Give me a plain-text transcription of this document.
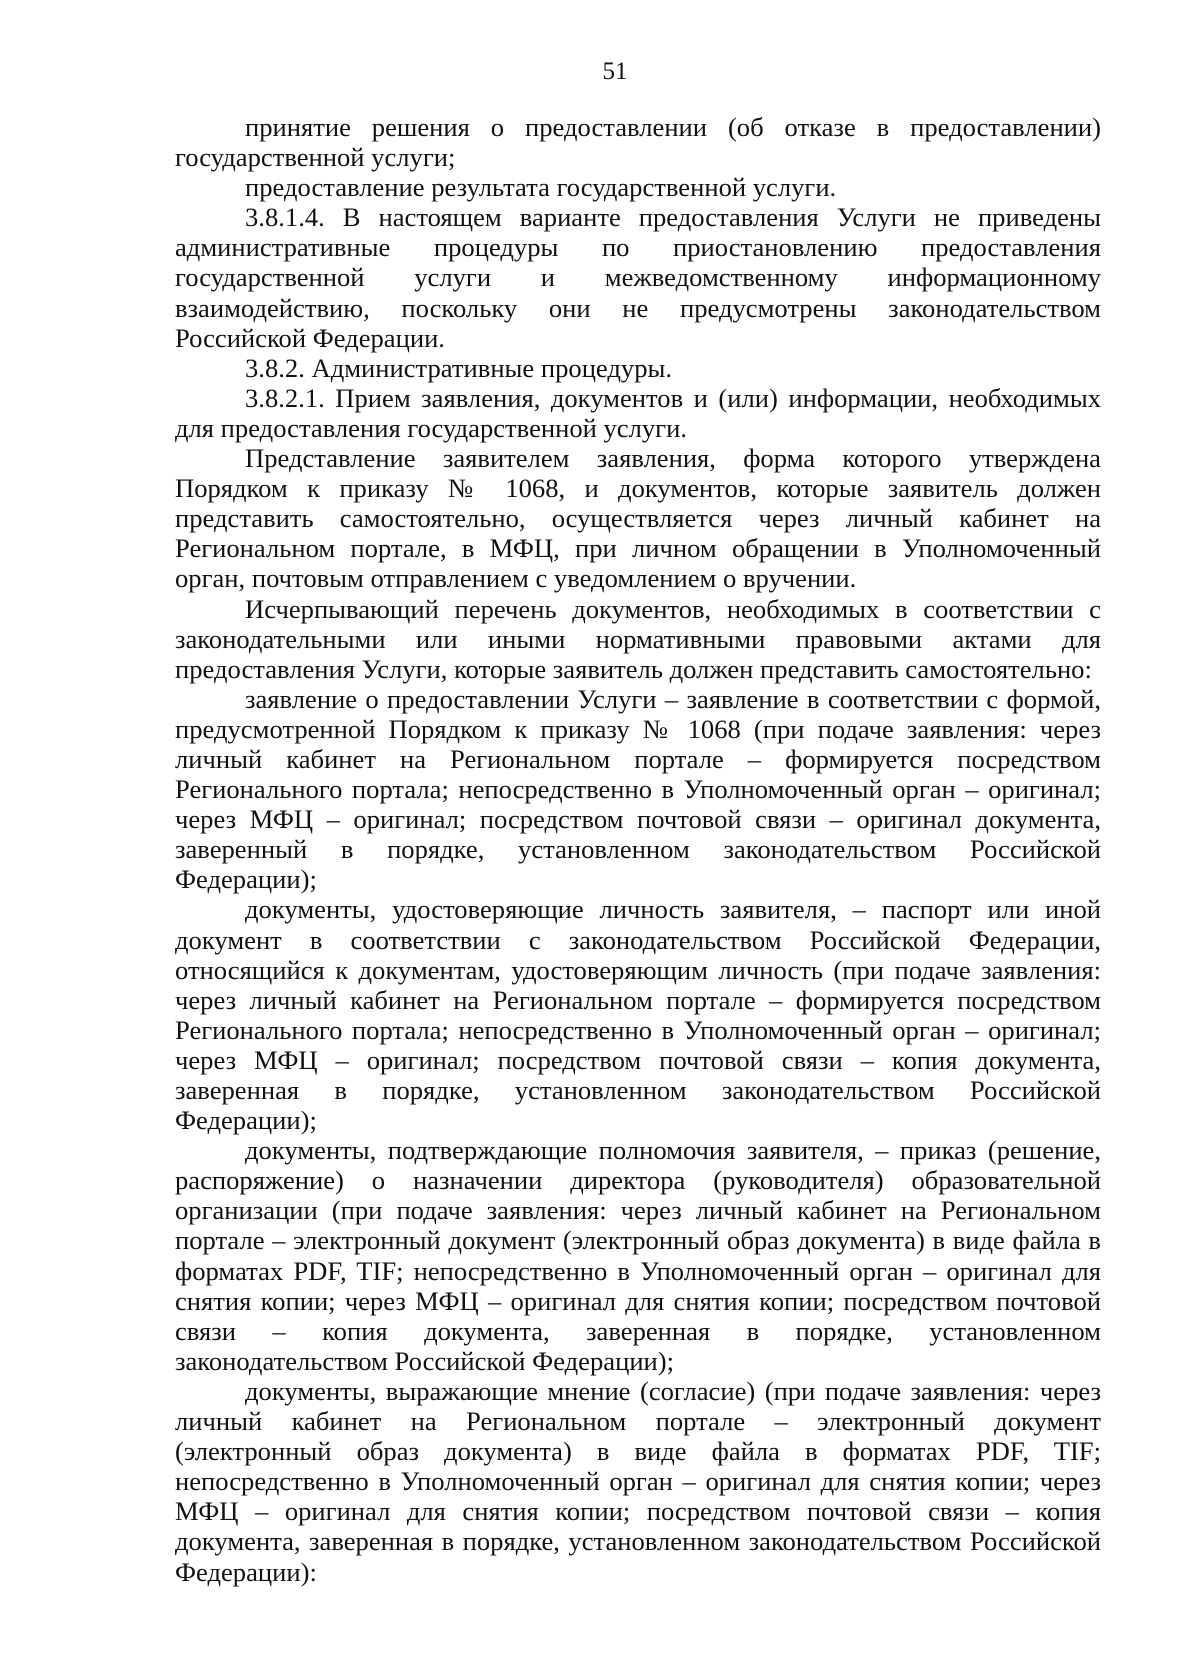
51

принятие решения о предоставлении (об отказе в предоставлении) государственной услуги;

предоставление результата государственной услуги.

3.8.1.4. В настоящем варианте предоставления Услуги не приведены административные процедуры по приостановлению предоставления государственной услуги и межведомственному информационному взаимодействию, поскольку они не предусмотрены законодательством Российской Федерации.

3.8.2. Административные процедуры.

3.8.2.1. Прием заявления, документов и (или) информации, необходимых для предоставления государственной услуги.

Представление заявителем заявления, форма которого утверждена Порядком к приказу № 1068, и документов, которые заявитель должен представить самостоятельно, осуществляется через личный кабинет на Региональном портале, в МФЦ, при личном обращении в Уполномоченный орган, почтовым отправлением с уведомлением о вручении.

Исчерпывающий перечень документов, необходимых в соответствии с законодательными или иными нормативными правовыми актами для предоставления Услуги, которые заявитель должен представить самостоятельно:

заявление о предоставлении Услуги – заявление в соответствии с формой, предусмотренной Порядком к приказу № 1068 (при подаче заявления: через личный кабинет на Региональном портале – формируется посредством Регионального портала; непосредственно в Уполномоченный орган – оригинал; через МФЦ – оригинал; посредством почтовой связи – оригинал документа, заверенный в порядке, установленном законодательством Российской Федерации);

документы, удостоверяющие личность заявителя, – паспорт или иной документ в соответствии с законодательством Российской Федерации, относящийся к документам, удостоверяющим личность (при подаче заявления: через личный кабинет на Региональном портале – формируется посредством Регионального портала; непосредственно в Уполномоченный орган – оригинал; через МФЦ – оригинал; посредством почтовой связи – копия документа, заверенная в порядке, установленном законодательством Российской Федерации);

документы, подтверждающие полномочия заявителя, – приказ (решение, распоряжение) о назначении директора (руководителя) образовательной организации (при подаче заявления: через личный кабинет на Региональном портале – электронный документ (электронный образ документа) в виде файла в форматах PDF, TIF; непосредственно в Уполномоченный орган – оригинал для снятия копии; через МФЦ – оригинал для снятия копии; посредством почтовой связи – копия документа, заверенная в порядке, установленном законодательством Российской Федерации);

документы, выражающие мнение (согласие) (при подаче заявления: через личный кабинет на Региональном портале – электронный документ (электронный образ документа) в виде файла в форматах PDF, TIF; непосредственно в Уполномоченный орган – оригинал для снятия копии; через МФЦ – оригинал для снятия копии; посредством почтовой связи – копия документа, заверенная в порядке, установленном законодательством Российской Федерации):
